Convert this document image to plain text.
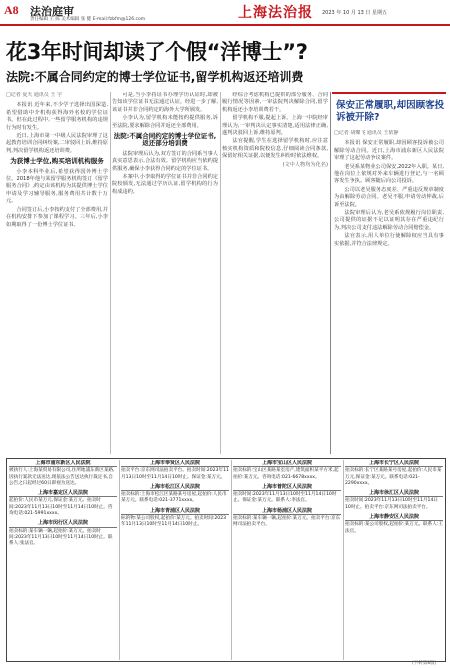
A8 法治庭审
责任编辑 王 陈 美术编辑 张 健 E-mail:fzbfm@126.com	上海法治报 2023 年 10 月 13 日 星期五
花3年时间却读了个假“洋博士”?
法院:不属合同约定的博士学位证书,留学机构返还培训费

□记者 夏天 通讯员 王 宇

本报讯 近年来,不少学子选择出国深造,希望借助中介机构获得海外名校的学位证书。但在此过程中,一些留学服务机构的违规行为时有发生。

近日,上海市第一中级人民法院审理了这起教育培训合同纠纷案,二审驳回上诉,维持原判,判决留学机构返还培训费。

为获博士学位,购买培训机构服务

小李本科毕业后,希望获得国外博士学位。2018年他与某留学服务机构签订《留学服务合同》,约定由该机构为其提供博士学位申请及学习辅导服务,服务费用共计数十万元。

合同签订后,小李按约支付了全部费用,并在机构安排下参加了课程学习。三年后,小李如期取得了一份博士学位证书。

可是,当小李持证书办理学历认证时,却被告知该学位证书无法通过认证。经进一步了解,该证书并非合同约定的海外大学所颁发。

小李认为,留学机构未能按约提供服务,诉至法院,要求解除合同并返还全部费用。

法院:不属合同约定的博士学位证书,返还部分培训费

法院审理后认为,双方签订的合同系当事人真实意思表示,合法有效。留学机构应当依约提供服务,确保小李获得合同约定的学位证书。

本案中,小李取得的学位证书并非合同约定院校颁发,无法通过学历认证,留学机构的行为构成违约。

经综合考虑机构已提供的部分服务、合同履行情况等因素,一审法院判决解除合同,留学机构返还小李培训费若干。

留学机构不服,提起上诉。上海一中院经审理认为,一审判决认定事实清楚,适用法律正确,遂判决驳回上诉,维持原判。

法官提醒,学生在选择留学机构时,应注意核实机构资质和院校信息,仔细阅读合同条款,保留好相关证据,以便发生纠纷时依法维权。

(文中人物均为化名)

保安正常履职,却因顾客投诉被开除?

□记者 胡蝶飞 通讯员 王依静

本报讯 保安正常履职,却因顾客投诉被公司解除劳动合同。近日,上海市浦东新区人民法院审理了这起劳动争议案件。

老吴系某物业公司保安,2022年入职。某日,他在岗位上依规对外来车辆进行登记,与一名顾客发生争执。顾客随后向公司投诉。

公司以老吴服务态度差、严重违反规章制度为由解除劳动合同。老吴不服,申请劳动仲裁,后诉至法院。

法院审理后认为,老吴系依规履行岗位职责,公司提供的证据不足以证明其存在严重违纪行为,判决公司支付违法解除劳动合同赔偿金。

法官表示,用人单位行使解除权应当具有事实依据,并符合法律规定。

上海市浦东新区人民法院
被执行人:上海某贸易有限公司,住所地浦东新区某路,因执行案款无法送达,现依法公告送达执行裁定书,自公告之日起经过60日即视为送达。
上海市嘉定区人民法院
起拍价:人民币某万元,保证金:某万元。拍卖时间:2023年11月13日10时至11月14日10时止。咨询电话:021-5991xxxx。
上海市闵行区人民法院
拍卖标的:某车辆一辆,起拍价:某万元。拍卖时间:2023年11月13日10时至11月14日10时止。联系人:张法官。
上海市奉贤区人民法院
拍卖平台:京东网司法拍卖平台。拍卖时间:2023年11月13日10时至11月14日10时止。保证金:某万元。
上海市松江区人民法院
拍卖标的:上海市松江区某路某号房屋,起拍价:人民币某万元。联系电话:021-3771xxxx。
上海市青浦区人民法院
标的物:某公司股权,起拍价:某万元。拍卖时间:2023年11月13日10时至11月14日10时止。
上海市宝山区人民法院
拍卖标的:宝山区某路某室房产,建筑面积某平方米,起拍价:某万元。咨询电话:021-6678xxxx。
上海市普陀区人民法院
拍卖时间:2023年11月13日10时至11月14日10时止。保证金:某万元。联系人:李法官。
上海市杨浦区人民法院
拍卖标的:某车辆一辆,起拍价:某万元。拍卖平台:京东网司法拍卖平台。
上海市长宁区人民法院
拍卖标的:长宁区某路某号房屋,起拍价:人民币某万元,保证金:某万元。联系电话:021-2290xxxx。
上海市徐汇区人民法院
拍卖时间:2023年11月13日10时至11月14日10时止。拍卖平台:京东网司法拍卖平台。
上海市静安区人民法院
拍卖标的:某公司股权,起拍价:某万元。联系人:王法官。
(下转第8版)
